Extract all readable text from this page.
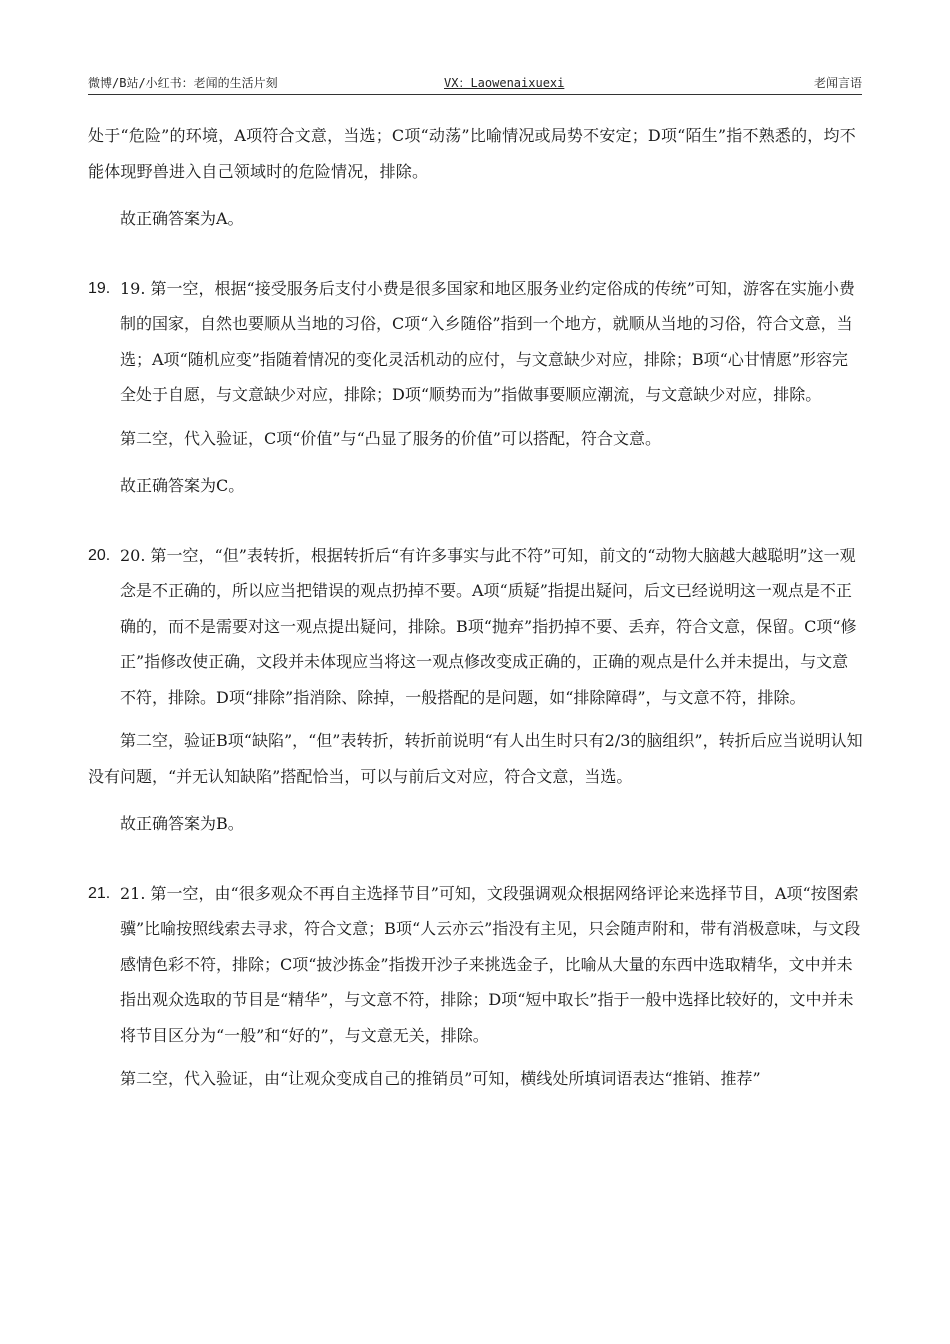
微博/B站/小红书：老闻的生活片刻	VX：Laowenaixuexi	老闻言语

处于“危险”的环境，A项符合文意，当选；C项“动荡”比喻情况或局势不安定；D项“陌生”指不熟悉的，均不能体现野兽进入自己领域时的危险情况，排除。

故正确答案为A。

19. 19. 第一空，根据“接受服务后支付小费是很多国家和地区服务业约定俗成的传统”可知，游客在实施小费制的国家，自然也要顺从当地的习俗，C项“入乡随俗”指到一个地方，就顺从当地的习俗，符合文意，当选；A项“随机应变”指随着情况的变化灵活机动的应付，与文意缺少对应，排除；B项“心甘情愿”形容完全处于自愿，与文意缺少对应，排除；D项“顺势而为”指做事要顺应潮流，与文意缺少对应，排除。

第二空，代入验证，C项“价值”与“凸显了服务的价值”可以搭配，符合文意。

故正确答案为C。

20. 20. 第一空，“但”表转折，根据转折后“有许多事实与此不符”可知，前文的“动物大脑越大越聪明”这一观念是不正确的，所以应当把错误的观点扔掉不要。A项“质疑”指提出疑问，后文已经说明这一观点是不正确的，而不是需要对这一观点提出疑问，排除。B项“抛弃”指扔掉不要、丢弃，符合文意，保留。C项“修正”指修改使正确，文段并未体现应当将这一观点修改变成正确的，正确的观点是什么并未提出，与文意不符，排除。D项“排除”指消除、除掉，一般搭配的是问题，如“排除障碍”，与文意不符，排除。

第二空，验证B项“缺陷”，“但”表转折，转折前说明“有人出生时只有2/3的脑组织”，转折后应当说明认知没有问题，“并无认知缺陷”搭配恰当，可以与前后文对应，符合文意，当选。

故正确答案为B。

21. 21. 第一空，由“很多观众不再自主选择节目”可知，文段强调观众根据网络评论来选择节目，A项“按图索骥”比喻按照线索去寻求，符合文意；B项“人云亦云”指没有主见，只会随声附和，带有消极意味，与文段感情色彩不符，排除；C项“披沙拣金”指拨开沙子来挑选金子，比喻从大量的东西中选取精华，文中并未指出观众选取的节目是“精华”，与文意不符，排除；D项“短中取长”指于一般中选择比较好的，文中并未将节目区分为“一般”和“好的”，与文意无关，排除。

第二空，代入验证，由“让观众变成自己的推销员”可知，横线处所填词语表达“推销、推荐”
